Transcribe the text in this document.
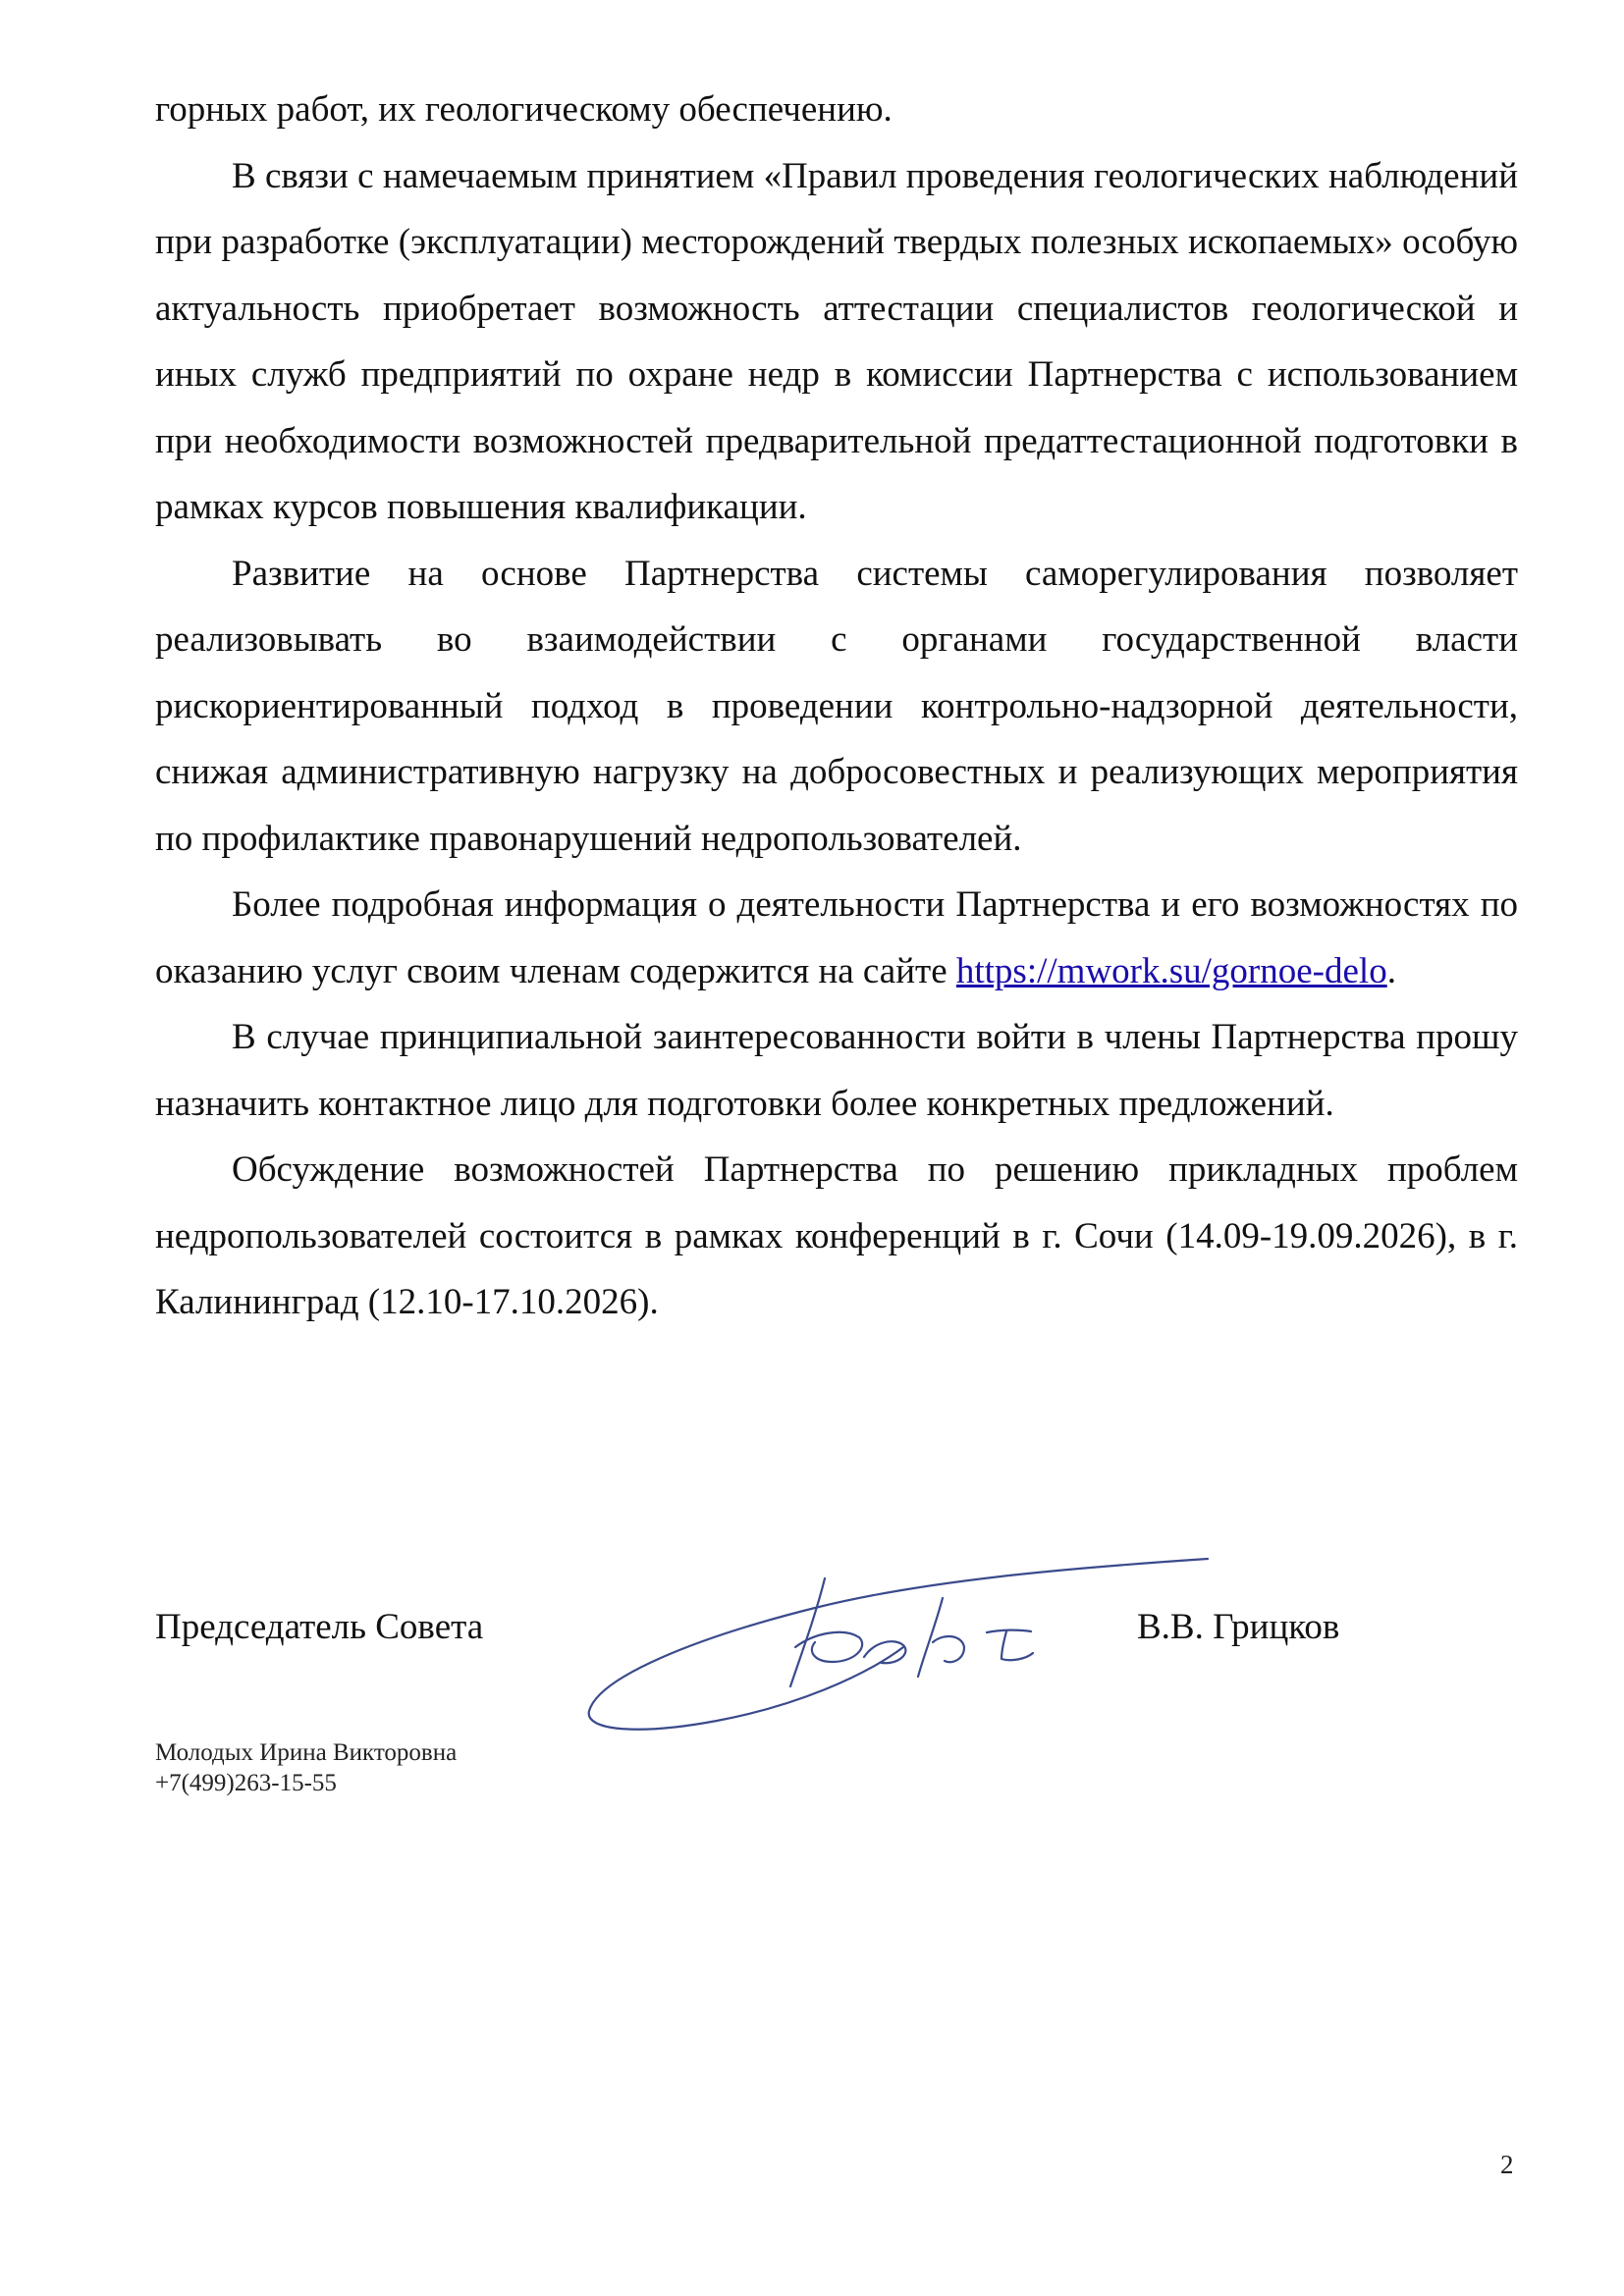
горных работ, их геологическому обеспечению.

В связи с намечаемым принятием «Правил проведения геологических наблюдений при разработке (эксплуатации) месторождений твердых полезных ископаемых» особую актуальность приобретает возможность аттестации специалистов геологической и иных служб предприятий по охране недр в комиссии Партнерства с использованием при необходимости возможностей предварительной предаттестационной подготовки в рамках курсов повышения квалификации.

Развитие на основе Партнерства системы саморегулирования позволяет реализовывать во взаимодействии с органами государственной власти рискориентированный подход в проведении контрольно-надзорной деятельности, снижая административную нагрузку на добросовестных и реализующих мероприятия по профилактике правонарушений недропользователей.

Более подробная информация о деятельности Партнерства и его возможностях по оказанию услуг своим членам содержится на сайте https://mwork.su/gornoe-delo.

В случае принципиальной заинтересованности войти в члены Партнерства прошу назначить контактное лицо для подготовки более конкретных предложений.

Обсуждение возможностей Партнерства по решению прикладных проблем недропользователей состоится в рамках конференций в г. Сочи (14.09-19.09.2026), в г. Калининград (12.10-17.10.2026).

Председатель Совета	В.В. Грицков
Молодых Ирина Викторовна
+7(499)263-15-55
2
